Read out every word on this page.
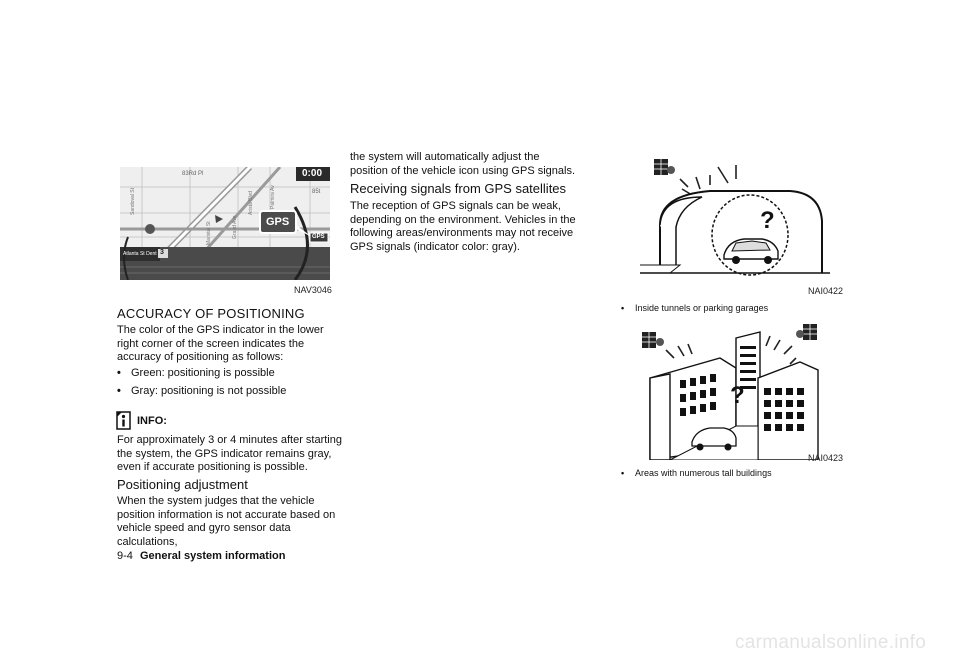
0:00
GPS
GPS
83Rd Pl
85t
Sandoval St	Palmira Av
Grand Ave
Arista Blvd
Maristal St
Atlanta St Dent 3
NAV3046
ACCURACY OF POSITIONING
The color of the GPS indicator in the lower right corner of the screen indicates the accuracy of positioning as follows:
• Green: positioning is possible
• Gray: positioning is not possible
INFO:
For approximately 3 or 4 minutes after starting the system, the GPS indicator remains gray, even if accurate positioning is possible.
Positioning adjustment
When the system judges that the vehicle position information is not accurate based on vehicle speed and gyro sensor data calculations,
the system will automatically adjust the position of the vehicle icon using GPS signals.
Receiving signals from GPS satellites
The reception of GPS signals can be weak, depending on the environment. Vehicles in the following areas/environments may not receive GPS signals (indicator color: gray).
?
NAI0422
• Inside tunnels or parking garages
?
NAI0423
• Areas with numerous tall buildings
9-4 General system information
carmanualsonline.info
